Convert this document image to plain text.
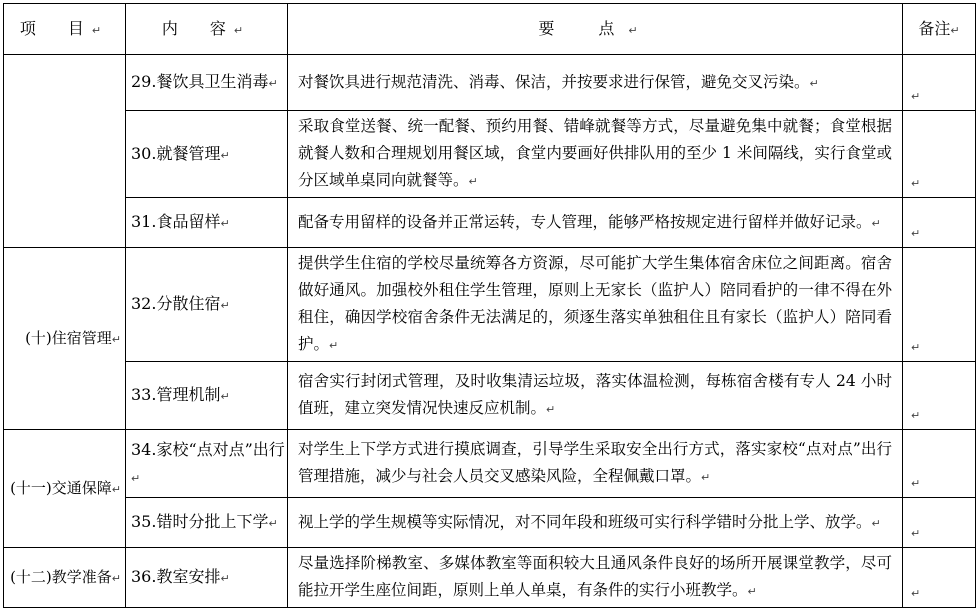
项　目↵	内　容↵	要　点↵	备注↵
	29.餐饮具卫生消毒↵	对餐饮具进行规范清洗、消毒、保洁，并按要求进行保管，避免交叉污染。↵	↵
	30.就餐管理↵	采取食堂送餐、统一配餐、预约用餐、错峰就餐等方式，尽量避免集中就餐；食堂根据就餐人数和合理规划用餐区域，食堂内要画好供排队用的至少 1 米间隔线，实行食堂或分区域单桌同向就餐等。↵	↵
	31.食品留样↵	配备专用留样的设备并正常运转，专人管理，能够严格按规定进行留样并做好记录。↵	↵
(十)住宿管理↵	32.分散住宿↵	提供学生住宿的学校尽量统筹各方资源，尽可能扩大学生集体宿舍床位之间距离。宿舍做好通风。加强校外租住学生管理，原则上无家长（监护人）陪同看护的一律不得在外租住，确因学校宿舍条件无法满足的，须逐生落实单独租住且有家长（监护人）陪同看护。↵	↵
	33.管理机制↵	宿舍实行封闭式管理，及时收集清运垃圾，落实体温检测，每栋宿舍楼有专人 24 小时值班，建立突发情况快速反应机制。↵	↵
(十一)交通保障↵	34.家校“点对点”出行↵	对学生上下学方式进行摸底调查，引导学生采取安全出行方式，落实家校“点对点”出行管理措施，减少与社会人员交叉感染风险，全程佩戴口罩。↵	↵
	35.错时分批上下学↵	视上学的学生规模等实际情况，对不同年段和班级可实行科学错时分批上学、放学。↵	↵
(十二)教学准备↵	36.教室安排↵	尽量选择阶梯教室、多媒体教室等面积较大且通风条件良好的场所开展课堂教学，尽可能拉开学生座位间距，原则上单人单桌，有条件的实行小班教学。↵	↵
